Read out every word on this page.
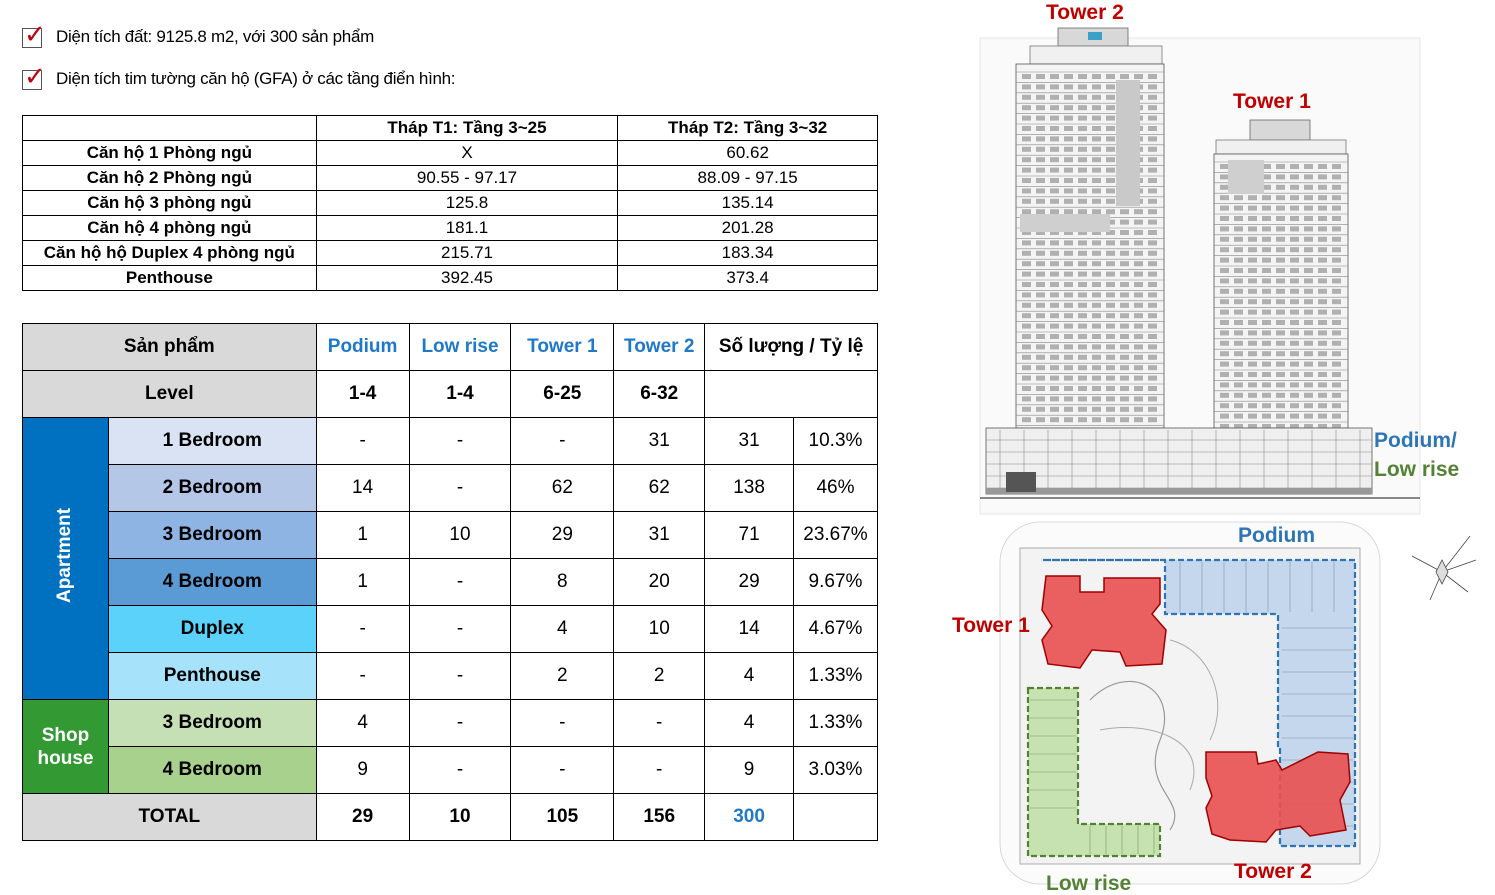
✓ Diện tích đất: 9125.8 m2, với 300 sản phẩm
✓ Diện tích tim tường căn hộ (GFA) ở các tầng điển hình:
	Tháp T1: Tầng 3~25	Tháp T2: Tầng 3~32
Căn hộ 1 Phòng ngủ	X	60.62
Căn hộ 2 Phòng ngủ	90.55 - 97.17	88.09 - 97.15
Căn hộ 3 phòng ngủ	125.8	135.14
Căn hộ 4 phòng ngủ	181.1	201.28
Căn hộ hộ Duplex 4 phòng ngủ	215.71	183.34
Penthouse	392.45	373.4
Sản phẩm		Podium	Low rise	Tower 1	Tower 2	Số lượng / Tỷ lệ	
Level		1-4	1-4	6-25	6-32		
Apartment	1 Bedroom	-	-	-	31	31	10.3%
	2 Bedroom	14	-	62	62	138	46%
	3 Bedroom	1	10	29	31	71	23.67%
	4 Bedroom	1	-	8	20	29	9.67%
	Duplex	-	-	4	10	14	4.67%
	Penthouse	-	-	2	2	4	1.33%
Shop house	3 Bedroom	4	-	-	-	4	1.33%
	4 Bedroom	9	-	-	-	9	3.03%
TOTAL		29	10	105	156	300	
Tower 2
Tower 1
Podium/
Low rise
Podium
Tower 1
Tower 2
Low rise
